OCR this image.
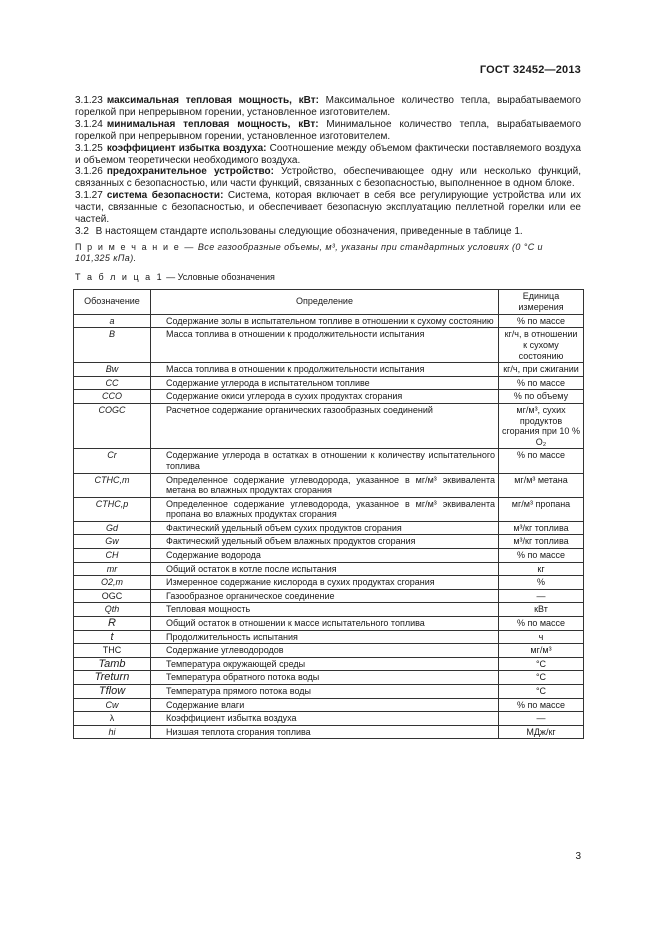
ГОСТ 32452—2013

3.1.23 максимальная тепловая мощность, кВт: Максимальное количество тепла, вырабатываемого горелкой при непрерывном горении, установленное изготовителем.

3.1.24 минимальная тепловая мощность, кВт: Минимальное количество тепла, вырабатываемого горелкой при непрерывном горении, установленное изготовителем.

3.1.25 коэффициент избытка воздуха: Соотношение между объемом фактически поставляемого воздуха и объемом теоретически необходимого воздуха.

3.1.26 предохранительное устройство: Устройство, обеспечивающее одну или несколько функций, связанных с безопасностью, или части функций, связанных с безопасностью, выполненное в одном блоке.

3.1.27 система безопасности: Система, которая включает в себя все регулирующие устройства или их части, связанные с безопасностью, и обеспечивает безопасную эксплуатацию пеллетной горелки или ее частей.

3.2 В настоящем стандарте использованы следующие обозначения, приведенные в таблице 1.

П р и м е ч а н и е — Все газообразные объемы, м³, указаны при стандартных условиях (0 °С и 101,325 кПа).
Т а б л и ц а 1 — Условные обозначения
Обозначение	Определение	Единица измерения
a	Содержание золы в испытательном топливе в отношении к сухому состоянию	% по массе
B	Масса топлива в отношении к продолжительности испытания	кг/ч, в отношении к сухому состоянию
Bw	Масса топлива в отношении к продолжительности испытания	кг/ч, при сжигании
CC	Содержание углерода в испытательном топливе	% по массе
CCO	Содержание окиси углерода в сухих продуктах сгорания	% по объему
COGC	Расчетное содержание органических газообразных соединений	мг/м³, сухих продуктов сгорания при 10 % O₂
Cr	Содержание углерода в остатках в отношении к количеству испытательного топлива	% по массе
CTHC,m	Определенное содержание углеводорода, указанное в мг/м³ эквивалента метана во влажных продуктах сгорания	мг/м³ метана
CTHC,p	Определенное содержание углеводорода, указанное в мг/м³ эквивалента пропана во влажных продуктах сгорания	мг/м³ пропана
Gd	Фактический удельный объем сухих продуктов сгорания	м³/кг топлива
Gw	Фактический удельный объем влажных продуктов сгорания	м³/кг топлива
CH	Содержание водорода	% по массе
mr	Общий остаток в котле после испытания	кг
O2,m	Измеренное содержание кислорода в сухих продуктах сгорания	%
OGC	Газообразное органическое соединение	—
Qth	Тепловая мощность	кВт
R	Общий остаток в отношении к массе испытательного топлива	% по массе
t	Продолжительность испытания	ч
THC	Содержание углеводородов	мг/м³
Tamb	Температура окружающей среды	°C
Treturn	Температура обратного потока воды	°C
Tflow	Температура прямого потока воды	°C
Cw	Содержание влаги	% по массе
λ	Коэффициент избытка воздуха	—
hi	Низшая теплота сгорания топлива	МДж/кг
3
